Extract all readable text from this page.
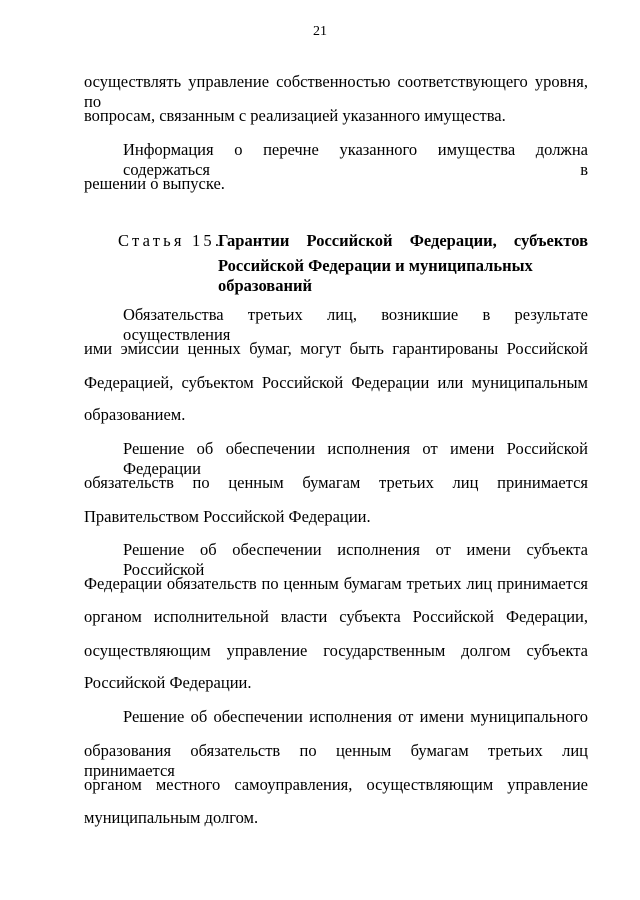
21
осуществлять управление собственностью соответствующего уровня, по
вопросам, связанным с реализацией указанного имущества.
Информация о перечне указанного имущества должна содержаться в
решении о выпуске.
Статья 15.
Гарантии Российской Федерации, субъектов
Российской Федерации и муниципальных образований
Обязательства третьих лиц, возникшие в результате осуществления
ими эмиссии ценных бумаг, могут быть гарантированы Российской
Федерацией, субъектом Российской Федерации или муниципальным
образованием.
Решение об обеспечении исполнения от имени Российской Федерации
обязательств по ценным бумагам третьих лиц принимается
Правительством Российской Федерации.
Решение об обеспечении исполнения от имени субъекта Российской
Федерации обязательств по ценным бумагам третьих лиц принимается
органом исполнительной власти субъекта Российской Федерации,
осуществляющим управление государственным долгом субъекта
Российской Федерации.
Решение об обеспечении исполнения от имени муниципального
образования обязательств по ценным бумагам третьих лиц принимается
органом местного самоуправления, осуществляющим управление
муниципальным долгом.
